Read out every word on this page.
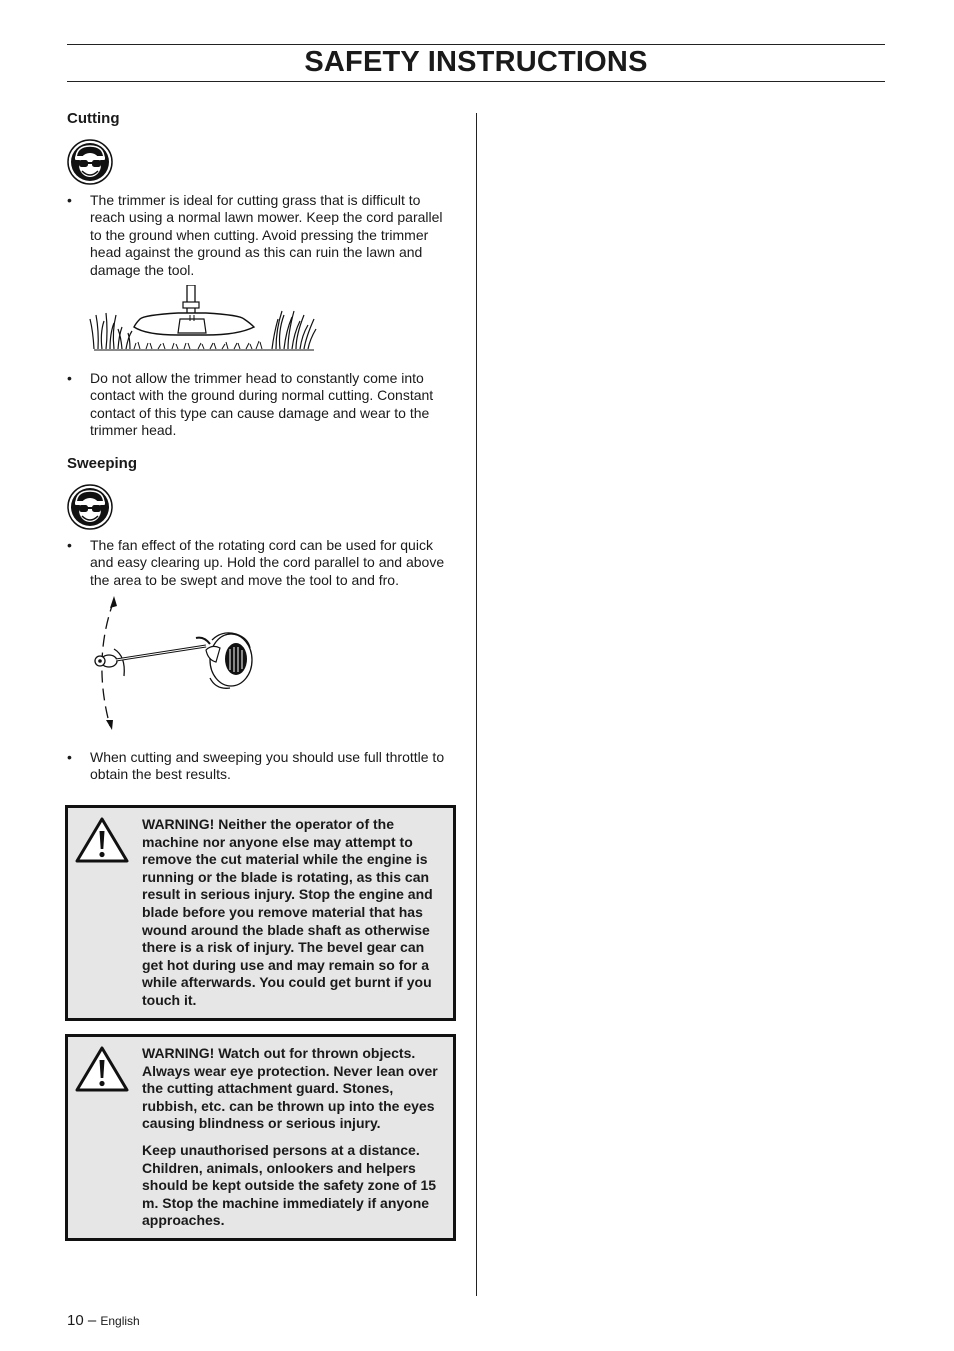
SAFETY INSTRUCTIONS
Cutting
• The trimmer is ideal for cutting grass that is difficult to reach using a normal lawn mower. Keep the cord parallel to the ground when cutting. Avoid pressing the trimmer head against the ground as this can ruin the lawn and damage the tool.
• Do not allow the trimmer head to constantly come into contact with the ground during normal cutting. Constant contact of this type can cause damage and wear to the trimmer head.
Sweeping
• The fan effect of the rotating cord can be used for quick and easy clearing up. Hold the cord parallel to and above the area to be swept and move the tool to and fro.
• When cutting and sweeping you should use full throttle to obtain the best results.

WARNING! Neither the operator of the machine nor anyone else may attempt to remove the cut material while the engine is running or the blade is rotating, as this can result in serious injury. Stop the engine and blade before you remove material that has wound around the blade shaft as otherwise there is a risk of injury. The bevel gear can get hot during use and may remain so for a while afterwards. You could get burnt if you touch it.

WARNING! Watch out for thrown objects. Always wear eye protection. Never lean over the cutting attachment guard. Stones, rubbish, etc. can be thrown up into the eyes causing blindness or serious injury.

Keep unauthorised persons at a distance. Children, animals, onlookers and helpers should be kept outside the safety zone of 15 m. Stop the machine immediately if anyone approaches.

10 – English
